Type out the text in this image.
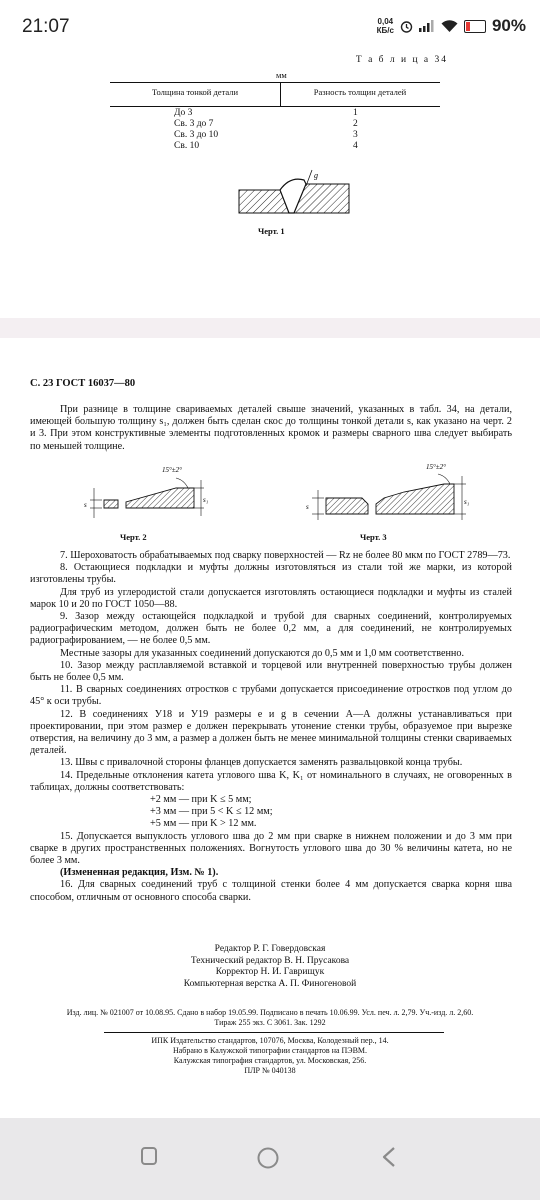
21:07	0,04
КБ/с	90%
Т а б л и ц а 34
мм
Толщина тонкой детали	Разность толщин деталей
До 3	1
Св. 3 до 7	2
Св. 3 до 10	3
Св. 10	4
g
Черт. 1
С. 23 ГОСТ 16037—80
При разнице в толщине свариваемых деталей свыше значений, указанных в табл. 34, на детали, имеющей большую толщину s₁, должен быть сделан скос до толщины тонкой детали s, как указано на черт. 2 и 3. При этом конструктивные элементы подготовленных кромок и размеры сварного шва следует выбирать по меньшей толщине.
s
s₁
15°±2°
Черт. 2
s
s₁
15°±2°
Черт. 3
7. Шероховатость обрабатываемых под сварку поверхностей — Rz не более 80 мкм по ГОСТ 2789—73.
8. Остающиеся подкладки и муфты должны изготовляться из стали той же марки, из которой изготовлены трубы.
Для труб из углеродистой стали допускается изготовлять остающиеся подкладки и муфты из сталей марок 10 и 20 по ГОСТ 1050—88.
9. Зазор между остающейся подкладкой и трубой для сварных соединений, контролируемых радиографическим методом, должен быть не более 0,2 мм, а для соединений, не контролируемых радиографированием, — не более 0,5 мм.
Местные зазоры для указанных соединений допускаются до 0,5 мм и 1,0 мм соответственно.
10. Зазор между расплавляемой вставкой и торцевой или внутренней поверхностью трубы должен быть не более 0,5 мм.
11. В сварных соединениях отростков с трубами допускается присоединение отростков под углом до 45° к оси трубы.
12. В соединениях У18 и У19 размеры e и g в сечении А—А должны устанавливаться при проектировании, при этом размер e должен перекрывать утонение стенки трубы, образуемое при вырезке отверстия, на величину до 3 мм, а размер a должен быть не менее минимальной толщины стенки свариваемых деталей.
13. Швы с привалочной стороны фланцев допускается заменять развальцовкой конца трубы.
14. Предельные отклонения катета углового шва K, K₁ от номинального в случаях, не оговоренных в таблицах, должны соответствовать:
+2 мм — при K ≤ 5 мм;
+3 мм — при 5 < K ≤ 12 мм;
+5 мм — при K > 12 мм.
15. Допускается выпуклость углового шва до 2 мм при сварке в нижнем положении и до 3 мм при сварке в других пространственных положениях. Вогнутость углового шва до 30 % величины катета, но не более 3 мм.
(Измененная редакция, Изм. № 1).
16. Для сварных соединений труб с толщиной стенки более 4 мм допускается сварка корня шва способом, отличным от основного способа сварки.
Редактор Р. Г. Говердовская
Технический редактор В. Н. Прусакова
Корректор Н. И. Гаврищук
Компьютерная верстка А. П. Финогеновой
Изд. лиц. № 021007 от 10.08.95. Сдано в набор 19.05.99. Подписано в печать 10.06.99. Усл. печ. л. 2,79. Уч.-изд. л. 2,60.
Тираж 255 экз. С 3061. Зак. 1292
ИПК Издательство стандартов, 107076, Москва, Колодезный пер., 14.
Набрано в Калужской типографии стандартов на ПЭВМ.
Калужская типография стандартов, ул. Московская, 256.
ПЛР № 040138
